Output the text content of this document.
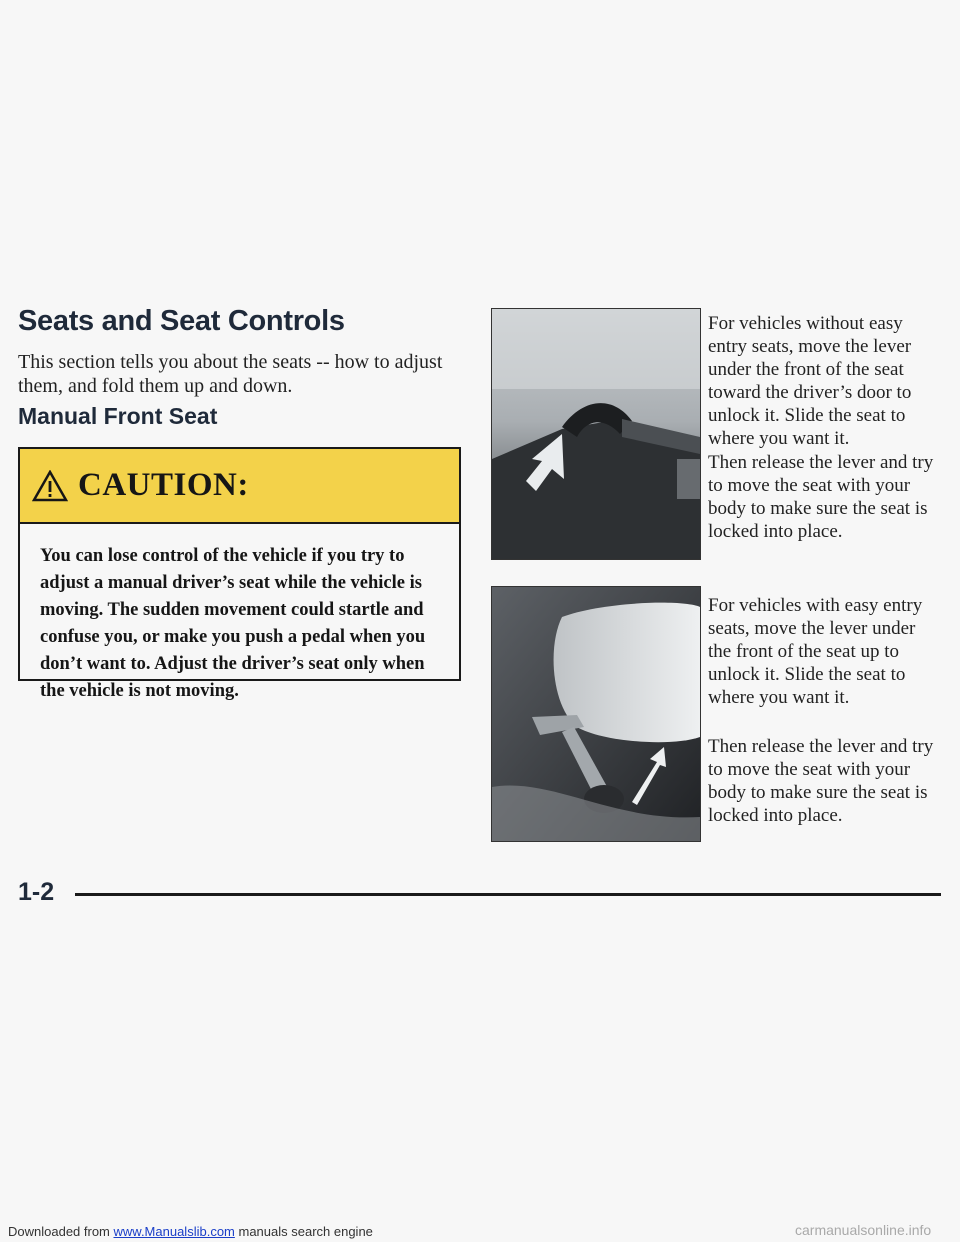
Seats and Seat Controls

This section tells you about the seats -- how to adjust them, and fold them up and down.

Manual Front Seat
CAUTION:

You can lose control of the vehicle if you try to adjust a manual driver’s seat while the vehicle is moving. The sudden movement could startle and confuse you, or make you push a pedal when you don’t want to. Adjust the driver’s seat only when the vehicle is not moving.

For vehicles without easy entry seats, move the lever under the front of the seat toward the driver’s door to unlock it. Slide the seat to where you want it.

Then release the lever and try to move the seat with your body to make sure the seat is locked into place.

For vehicles with easy entry seats, move the lever under the front of the seat up to unlock it. Slide the seat to where you want it.

Then release the lever and try to move the seat with your body to make sure the seat is locked into place.

1-2

Downloaded from www.Manualslib.com manuals search engine	carmanualsonline.info
